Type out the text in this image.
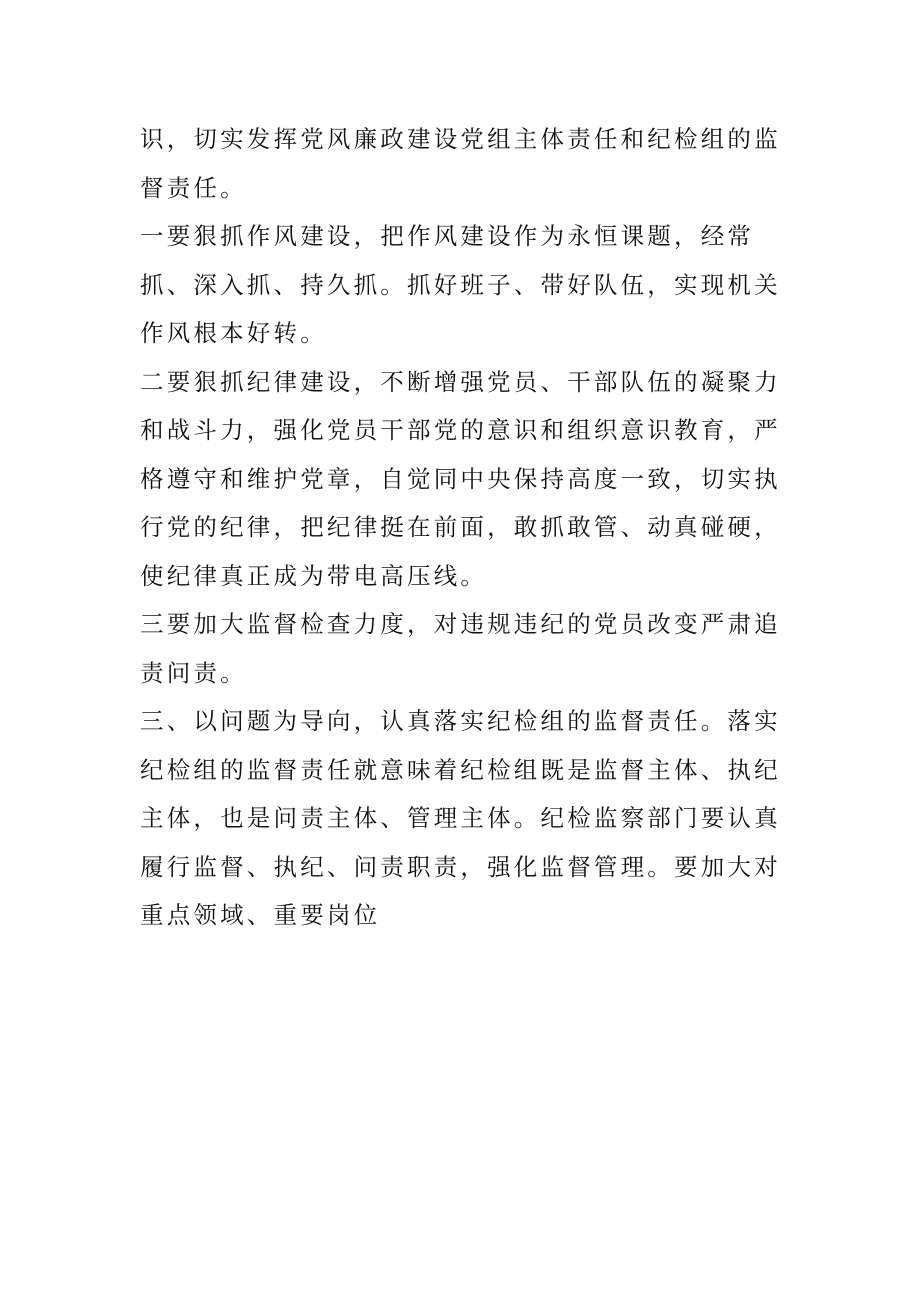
识，切实发挥党风廉政建设党组主体责任和纪检组的监督责任。

一要狠抓作风建设，把作风建设作为永恒课题，经常抓、深入抓、持久抓。抓好班子、带好队伍，实现机关作风根本好转。

二要狠抓纪律建设，不断增强党员、干部队伍的凝聚力和战斗力，强化党员干部党的意识和组织意识教育，严格遵守和维护党章，自觉同中央保持高度一致，切实执行党的纪律，把纪律挺在前面，敢抓敢管、动真碰硬，使纪律真正成为带电高压线。

三要加大监督检查力度，对违规违纪的党员改变严肃追责问责。

三、以问题为导向，认真落实纪检组的监督责任。落实纪检组的监督责任就意味着纪检组既是监督主体、执纪主体，也是问责主体、管理主体。纪检监察部门要认真履行监督、执纪、问责职责，强化监督管理。要加大对重点领域、重要岗位
